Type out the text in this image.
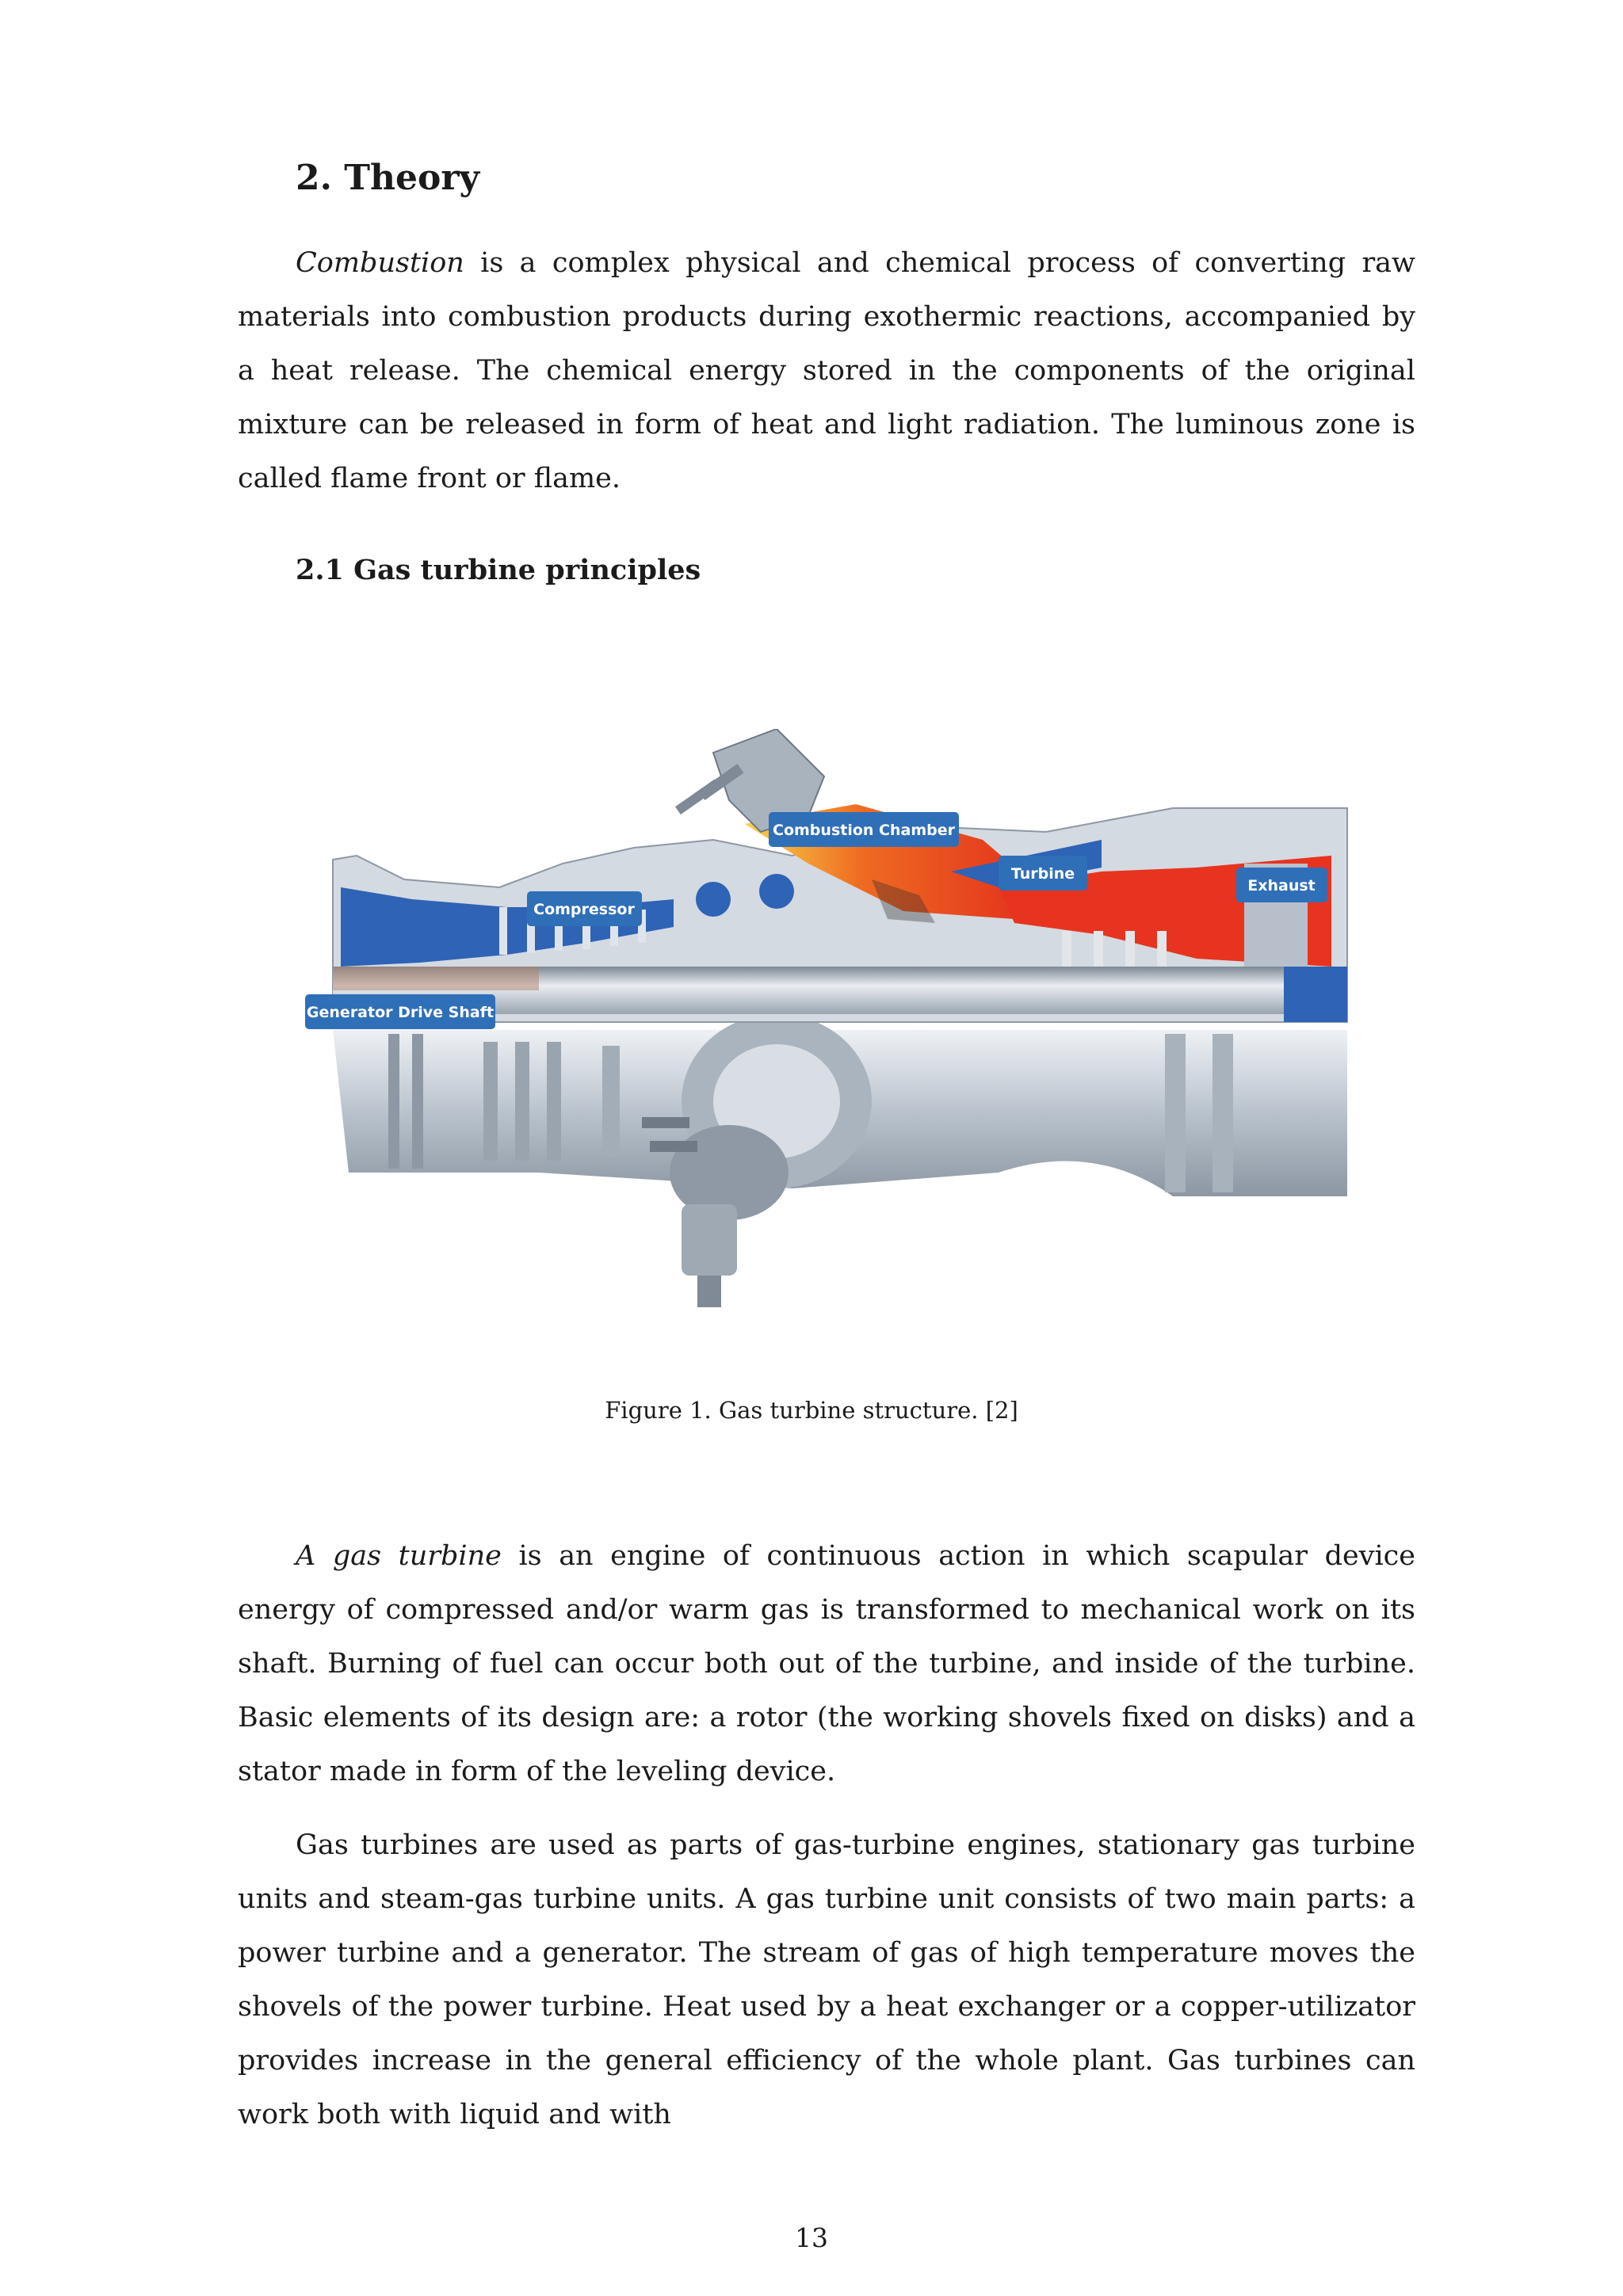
2. Theory

Combustion is a complex physical and chemical process of converting raw materials into combustion products during exothermic reactions, accompanied by a heat release. The chemical energy stored in the components of the original mixture can be released in form of heat and light radiation. The luminous zone is called flame front or flame.

2.1 Gas turbine principles
Combustion Chamber
Compressor
Turbine
Exhaust
Generator Drive Shaft

Figure 1. Gas turbine structure. [2]

A gas turbine is an engine of continuous action in which scapular device energy of compressed and/or warm gas is transformed to mechanical work on its shaft. Burning of fuel can occur both out of the turbine, and inside of the turbine. Basic elements of its design are: a rotor (the working shovels fixed on disks) and a stator made in form of the leveling device.

Gas turbines are used as parts of gas-turbine engines, stationary gas turbine units and steam-gas turbine units. A gas turbine unit consists of two main parts: a power turbine and a generator. The stream of gas of high temperature moves the shovels of the power turbine. Heat used by a heat exchanger or a copper-utilizator provides increase in the general efficiency of the whole plant. Gas turbines can work both with liquid and with

13
